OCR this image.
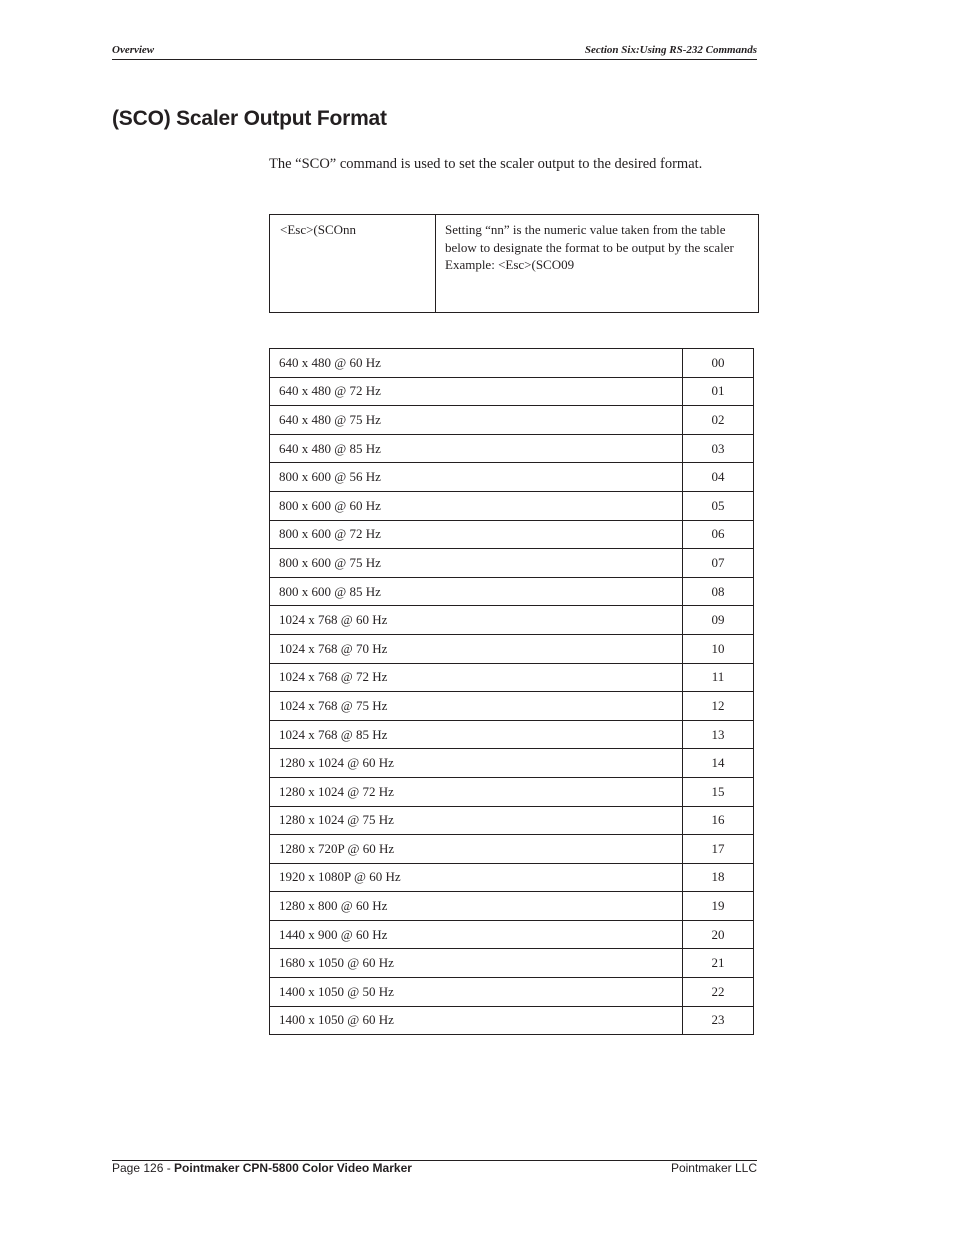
Overview	Section Six:Using RS-232 Commands
(SCO) Scaler Output Format
The “SCO” command is used to set the scaler output to the desired format.
<Esc>(SCOnn	Setting “nn” is the numeric value taken from the table
below to designate the format to be output by the scaler
Example: <Esc>(SCO09
640 x 480 @ 60 Hz	00
640 x 480 @ 72 Hz	01
640 x 480 @ 75 Hz	02
640 x 480 @ 85 Hz	03
800 x 600 @ 56 Hz	04
800 x 600 @ 60 Hz	05
800 x 600 @ 72 Hz	06
800 x 600 @ 75 Hz	07
800 x 600 @ 85 Hz	08
1024 x 768 @ 60 Hz	09
1024 x 768 @ 70 Hz	10
1024 x 768 @ 72 Hz	11
1024 x 768 @ 75 Hz	12
1024 x 768 @ 85 Hz	13
1280 x 1024 @ 60 Hz	14
1280 x 1024 @ 72 Hz	15
1280 x 1024 @ 75 Hz	16
1280 x 720P @ 60 Hz	17
1920 x 1080P @ 60 Hz	18
1280 x 800 @ 60 Hz	19
1440 x 900 @ 60 Hz	20
1680 x 1050 @ 60 Hz	21
1400 x 1050 @ 50 Hz	22
1400 x 1050 @ 60 Hz	23
Page 126 - Pointmaker CPN-5800 Color Video Marker	Pointmaker LLC
